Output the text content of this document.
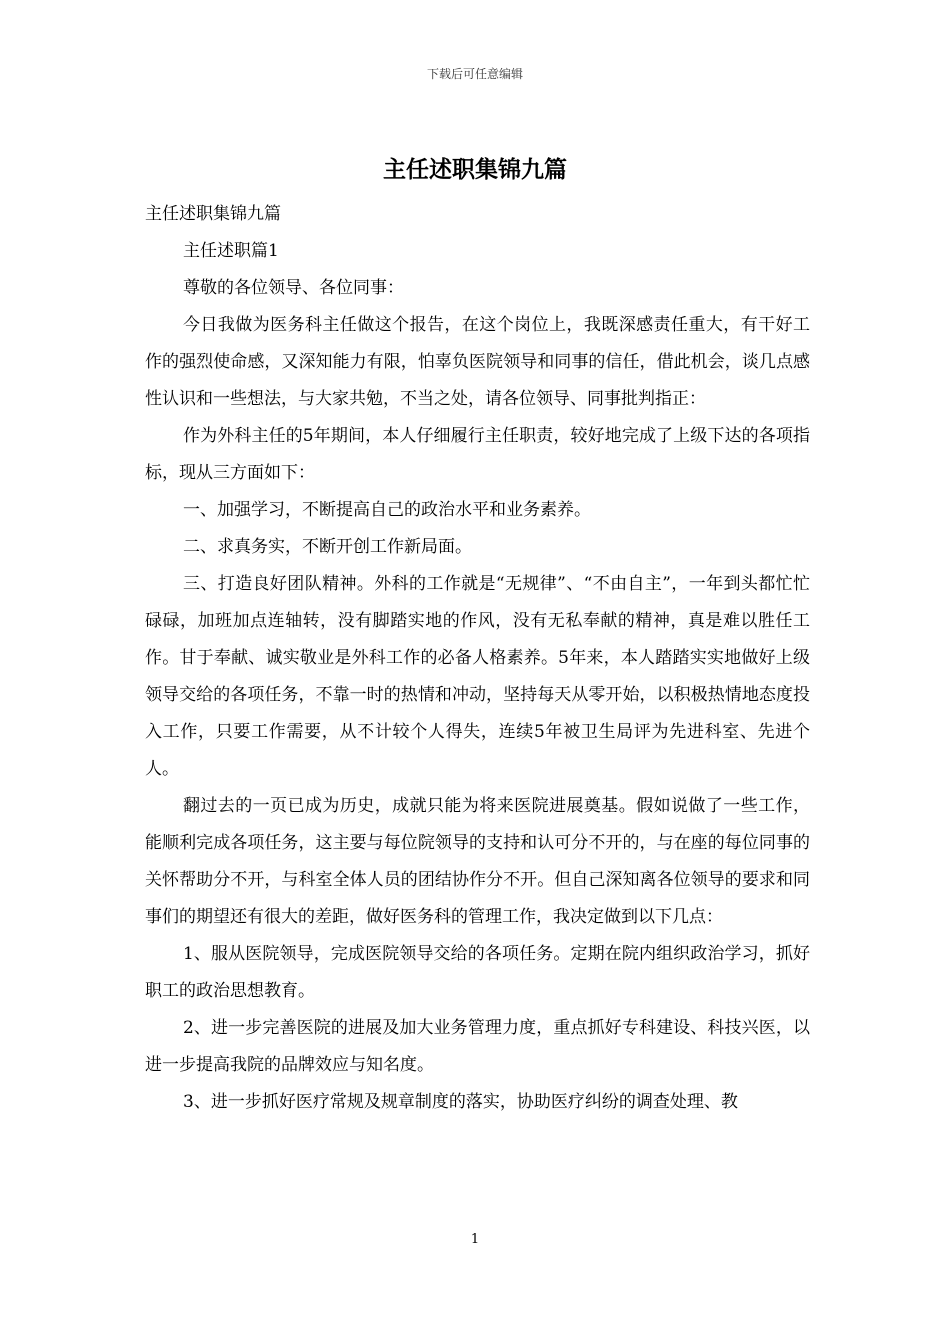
下载后可任意编辑
主任述职集锦九篇

主任述职集锦九篇

主任述职篇1

尊敬的各位领导、各位同事：

今日我做为医务科主任做这个报告，在这个岗位上，我既深感责任重大，有干好工作的强烈使命感，又深知能力有限，怕辜负医院领导和同事的信任，借此机会，谈几点感性认识和一些想法，与大家共勉，不当之处，请各位领导、同事批判指正：

作为外科主任的5年期间，本人仔细履行主任职责，较好地完成了上级下达的各项指标，现从三方面如下：

一、加强学习，不断提高自己的政治水平和业务素养。

二、求真务实，不断开创工作新局面。

三、打造良好团队精神。外科的工作就是“无规律”、“不由自主”，一年到头都忙忙碌碌，加班加点连轴转，没有脚踏实地的作风，没有无私奉献的精神，真是难以胜任工作。甘于奉献、诚实敬业是外科工作的必备人格素养。5年来，本人踏踏实实地做好上级领导交给的各项任务，不靠一时的热情和冲动，坚持每天从零开始，以积极热情地态度投入工作，只要工作需要，从不计较个人得失，连续5年被卫生局评为先进科室、先进个人。

翻过去的一页已成为历史，成就只能为将来医院进展奠基。假如说做了一些工作，能顺利完成各项任务，这主要与每位院领导的支持和认可分不开的，与在座的每位同事的关怀帮助分不开，与科室全体人员的团结协作分不开。但自己深知离各位领导的要求和同事们的期望还有很大的差距，做好医务科的管理工作，我决定做到以下几点：

1、服从医院领导，完成医院领导交给的各项任务。定期在院内组织政治学习，抓好职工的政治思想教育。

2、进一步完善医院的进展及加大业务管理力度，重点抓好专科建设、科技兴医，以进一步提高我院的品牌效应与知名度。

3、进一步抓好医疗常规及规章制度的落实，协助医疗纠纷的调查处理、教

1
